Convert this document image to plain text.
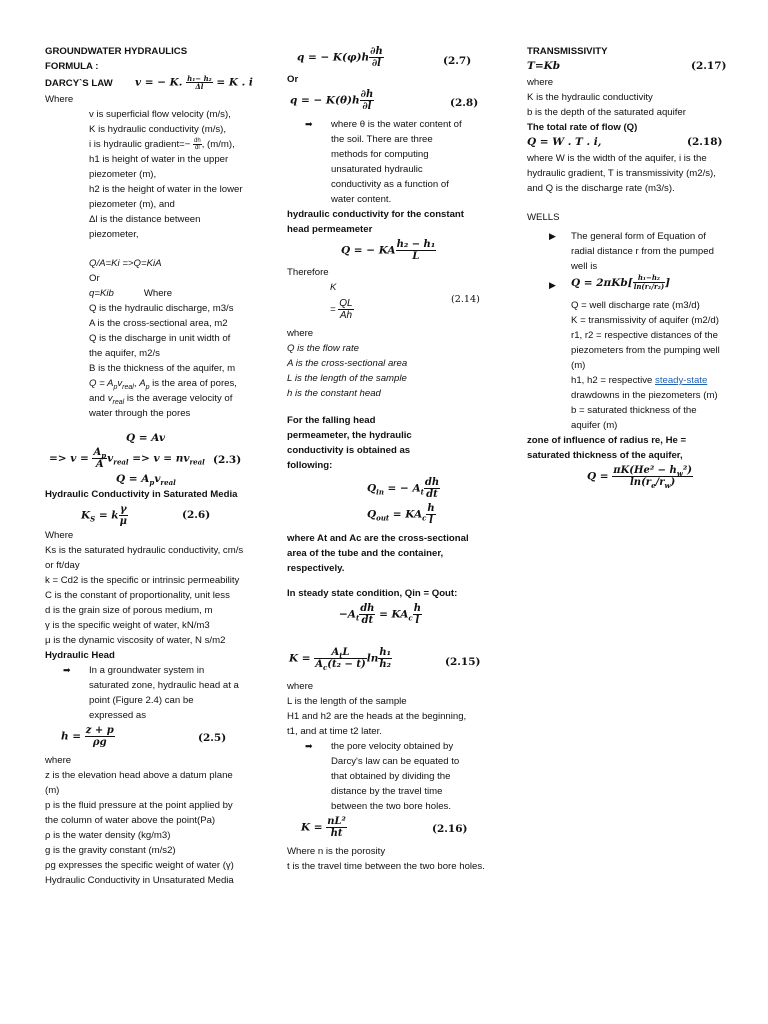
GROUNDWATER HYDRAULICS
FORMULA :
DARCY`S LAW v = − K. $\frac{\text{h₁− h₂}}{\Delta l} = K$ . i
Where
v is superficial flow velocity (m/s),
K is hydraulic conductivity (m/s),
i is hydraulic gradient=− $\frac{dh}{dl}$ , (m/m),
h1 is height of water in the upper
piezometer (m),
h2 is the height of water in the lower
piezometer (m), and
Δl is the distance between
piezometer,
Q/A=Ki =>Q=KiA
Or
q=Kib	Where
Q is the hydraulic discharge, m3/s
A is the cross-sectional area, m2
Q is the discharge in unit width of
the aquifer, m2/s
B is the thickness of the aquifer, m
$Q = A_pv_{real}$, $A_p$ is the area of pores,
and $v_{real}$ is the average velocity of
water through the pores
Q = Av
=> $v = \frac{A_p}{A} v_{real} => v = nv_{real}$ (2.3)
$Q = A_pv_{real}$
Hydraulic Conductivity in Saturated Media
$K_S = k \frac{\gamma}{\mu}$	(2.6)
Where
Ks is the saturated hydraulic conductivity, cm/s
or ft/day
k = Cd2 is the specific or intrinsic permeability
C is the constant of proportionality, unit less
d is the grain size of porous medium, m
γ is the specific weight of water, kN/m3
μ is the dynamic viscosity of water, N s/m2
Hydraulic Head
➡ In a groundwater system in saturated zone, hydraulic head at a point (Figure 2.4) can be expressed as
$h = \frac{z + p}{\rho g}$	(2.5)
where
z is the elevation head above a datum plane (m)
p is the fluid pressure at the point applied by the column of water above the point(Pa)
ρ is the water density (kg/m3)
g is the gravity constant (m/s2)
ρg expresses the specific weight of water (γ)
Hydraulic Conductivity in Unsaturated Media
q = − $K(\varphi)h \frac{\partial h}{\partial l}$	(2.7)
Or
q = − $K(\theta)h \frac{\partial h}{\partial l}$	(2.8)
➡ where θ is the water content of the soil. There are three methods for computing unsaturated hydraulic conductivity as a function of water content.
hydraulic conductivity for the constant head permeameter
Q = − KA $\frac{\text{h₂ − h₁}}{L}$
Therefore
K
= $\frac{QL}{Ah}$	(2.14)
where
Q is the flow rate
A is the cross-sectional area
L is the length of the sample
h is the constant head
For the falling head permeameter, the hydraulic conductivity is obtained as following:
$Q_{in}$ = − $A_t \frac{dh}{dt}$
$Q_{out} = KA_c \frac{h}{l}$
where At and Ac are the cross-sectional area of the tube and the container, respectively.
In steady state condition, Qin = Qout:
$-A_t \frac{dh}{dt} = KA_c \frac{h}{l}$
$K = \frac{A_tL}{A_c(t_2 - t)}$ $\ln \frac{\text{h₁}}{\text{h₂}}$	(2.15)
where
L is the length of the sample
H1 and h2 are the heads at the beginning,
t1, and at time t2 later.
➡ the pore velocity obtained by Darcy's law can be equated to that obtained by dividing the distance by the travel time between the two bore holes.
$K = \frac{\text{nL²}}{ht}$	(2.16)
Where n is the porosity
t is the travel time between the two bore holes.
TRANSMISSIVITY
T=Kb	(2.17)
where
K is the hydraulic conductivity
b is the depth of the saturated aquifer
The total rate of flow (Q)
Q = W . T . i,	(2.18)
where W is the width of the aquifer, i is the hydraulic gradient, T is transmissivity (m2/s), and Q is the discharge rate (m3/s).
WELLS
▶ The general form of Equation of radial distance r from the pumped well is
▶ $Q = 2\pi Kb[ \frac{\text{h₁−h₂}}{\text{ln(r₁/r₂)}}$ ]
Q = well discharge rate (m3/d)
K = transmissivity of aquifer (m2/d)
r1, r2 = respective distances of the piezometers from the pumping well (m)
h1, h2 = respective steady-state drawdowns in the piezometers (m)
b = saturated thickness of the aquifer (m)
zone of influence of radius re, He = saturated thickness of the aquifer,
$Q = \frac{\pi K(He^2 - h_w^2)}{\ln(r_e/r_w)}$
